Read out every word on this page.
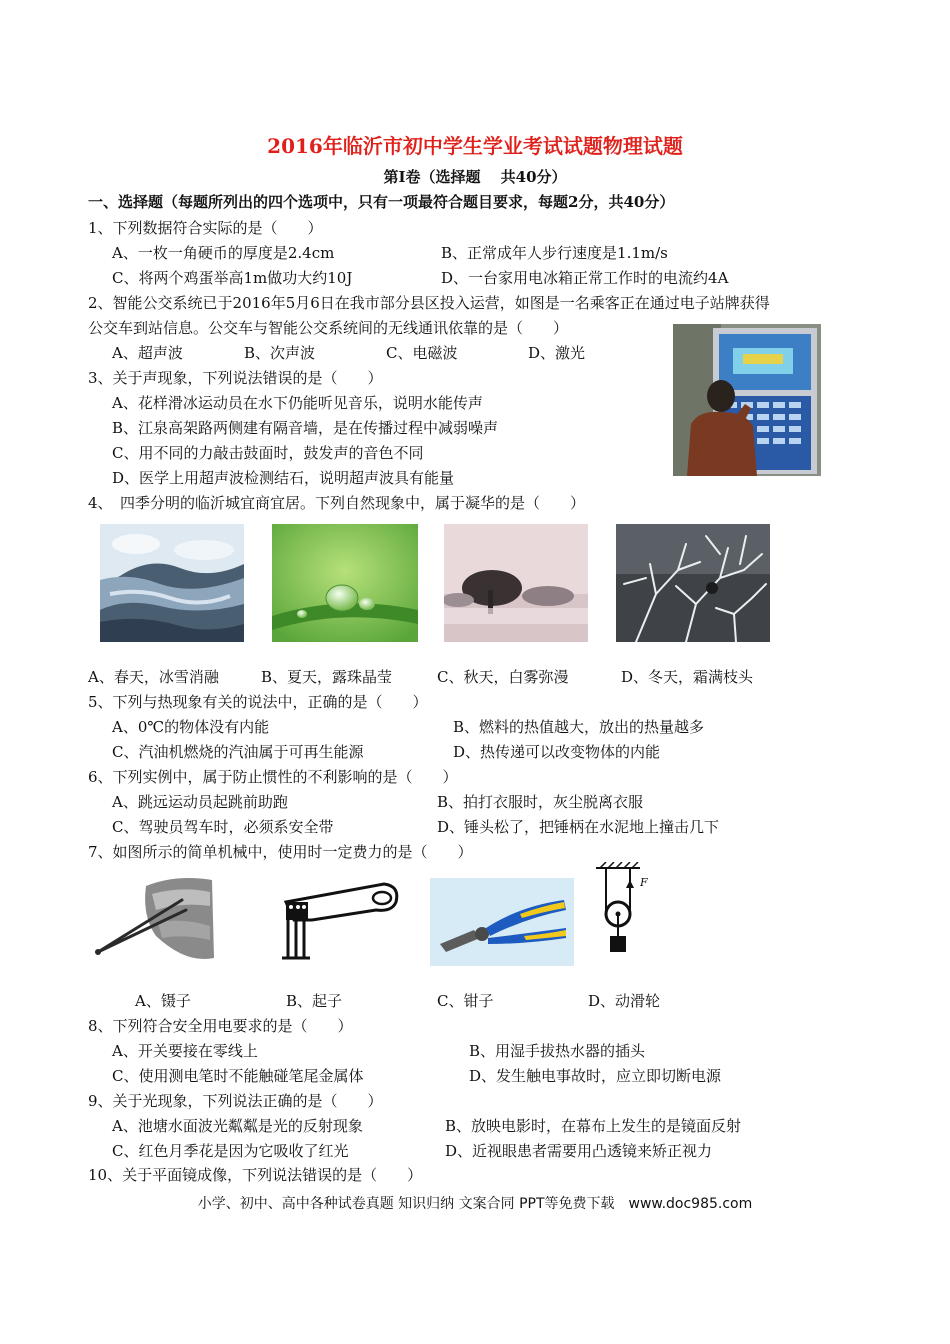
2016年临沂市初中学生学业考试试题物理试题
第Ⅰ卷（选择题　 共40分）
一、选择题（每题所列出的四个选项中，只有一项最符合题目要求，每题2分，共40分）
1、下列数据符合实际的是（　　）
A、一枚一角硬币的厚度是2.4cm	B、正常成年人步行速度是1.1m/s
C、将两个鸡蛋举高1m做功大约10J	D、一台家用电冰箱正常工作时的电流约4A
2、智能公交系统已于2016年5月6日在我市部分县区投入运营，如图是一名乘客正在通过电子站牌获得
公交车到站信息。公交车与智能公交系统间的无线通讯依靠的是（　　）
A、超声波	B、次声波	C、电磁波	D、激光
3、关于声现象，下列说法错误的是（　　）
A、花样滑冰运动员在水下仍能听见音乐，说明水能传声
B、江泉高架路两侧建有隔音墙，是在传播过程中减弱噪声
C、用不同的力敲击鼓面时，鼓发声的音色不同
D、医学上用超声波检测结石，说明超声波具有能量
4、　四季分明的临沂城宜商宜居。下列自然现象中，属于凝华的是（　　）
A、春天，冰雪消融	B、夏天，露珠晶莹	C、秋天，白雾弥漫	D、冬天，霜满枝头
5、下列与热现象有关的说法中，正确的是（　　）
A、0℃的物体没有内能	B、燃料的热值越大，放出的热量越多
C、汽油机燃烧的汽油属于可再生能源	D、热传递可以改变物体的内能
6、下列实例中，属于防止惯性的不利影响的是（　　）
A、跳远运动员起跳前助跑	B、拍打衣服时，灰尘脱离衣服
C、驾驶员驾车时，必须系安全带	D、锤头松了，把锤柄在水泥地上撞击几下
7、如图所示的简单机械中，使用时一定费力的是（　　）
F
A、镊子	B、起子	C、钳子	D、动滑轮
8、下列符合安全用电要求的是（　　）
A、开关要接在零线上	B、用湿手拔热水器的插头
C、使用测电笔时不能触碰笔尾金属体	D、发生触电事故时，应立即切断电源
9、关于光现象，下列说法正确的是（　　）
A、池塘水面波光粼粼是光的反射现象	B、放映电影时，在幕布上发生的是镜面反射
C、红色月季花是因为它吸收了红光	D、近视眼患者需要用凸透镜来矫正视力
10、关于平面镜成像，下列说法错误的是（　　）
小学、初中、高中各种试卷真题 知识归纳 文案合同 PPT等免费下载　www.doc985.com
